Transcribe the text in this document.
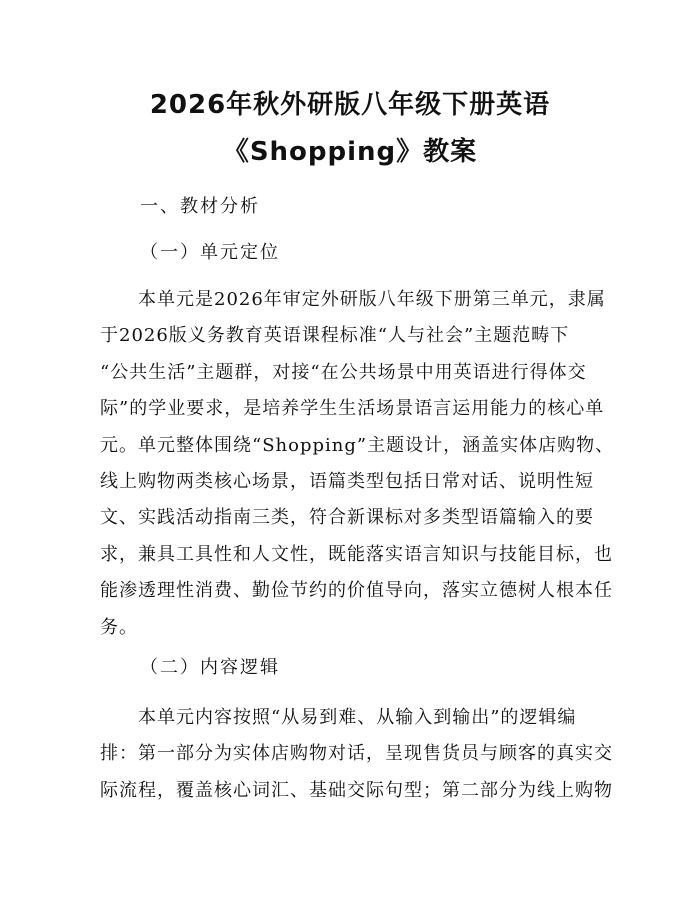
2026年秋外研版八年级下册英语
《Shopping》教案

一、教材分析

（一）单元定位

　　本单元是2026年审定外研版八年级下册第三单元，隶属
于2026版义务教育英语课程标准“人与社会”主题范畴下
“公共生活”主题群，对接“在公共场景中用英语进行得体交
际”的学业要求，是培养学生生活场景语言运用能力的核心单
元。单元整体围绕“Shopping”主题设计，涵盖实体店购物、
线上购物两类核心场景，语篇类型包括日常对话、说明性短
文、实践活动指南三类，符合新课标对多类型语篇输入的要
求，兼具工具性和人文性，既能落实语言知识与技能目标，也
能渗透理性消费、勤俭节约的价值导向，落实立德树人根本任
务。

（二）内容逻辑

　　本单元内容按照“从易到难、从输入到输出”的逻辑编
排：第一部分为实体店购物对话，呈现售货员与顾客的真实交
际流程，覆盖核心词汇、基础交际句型；第二部分为线上购物
